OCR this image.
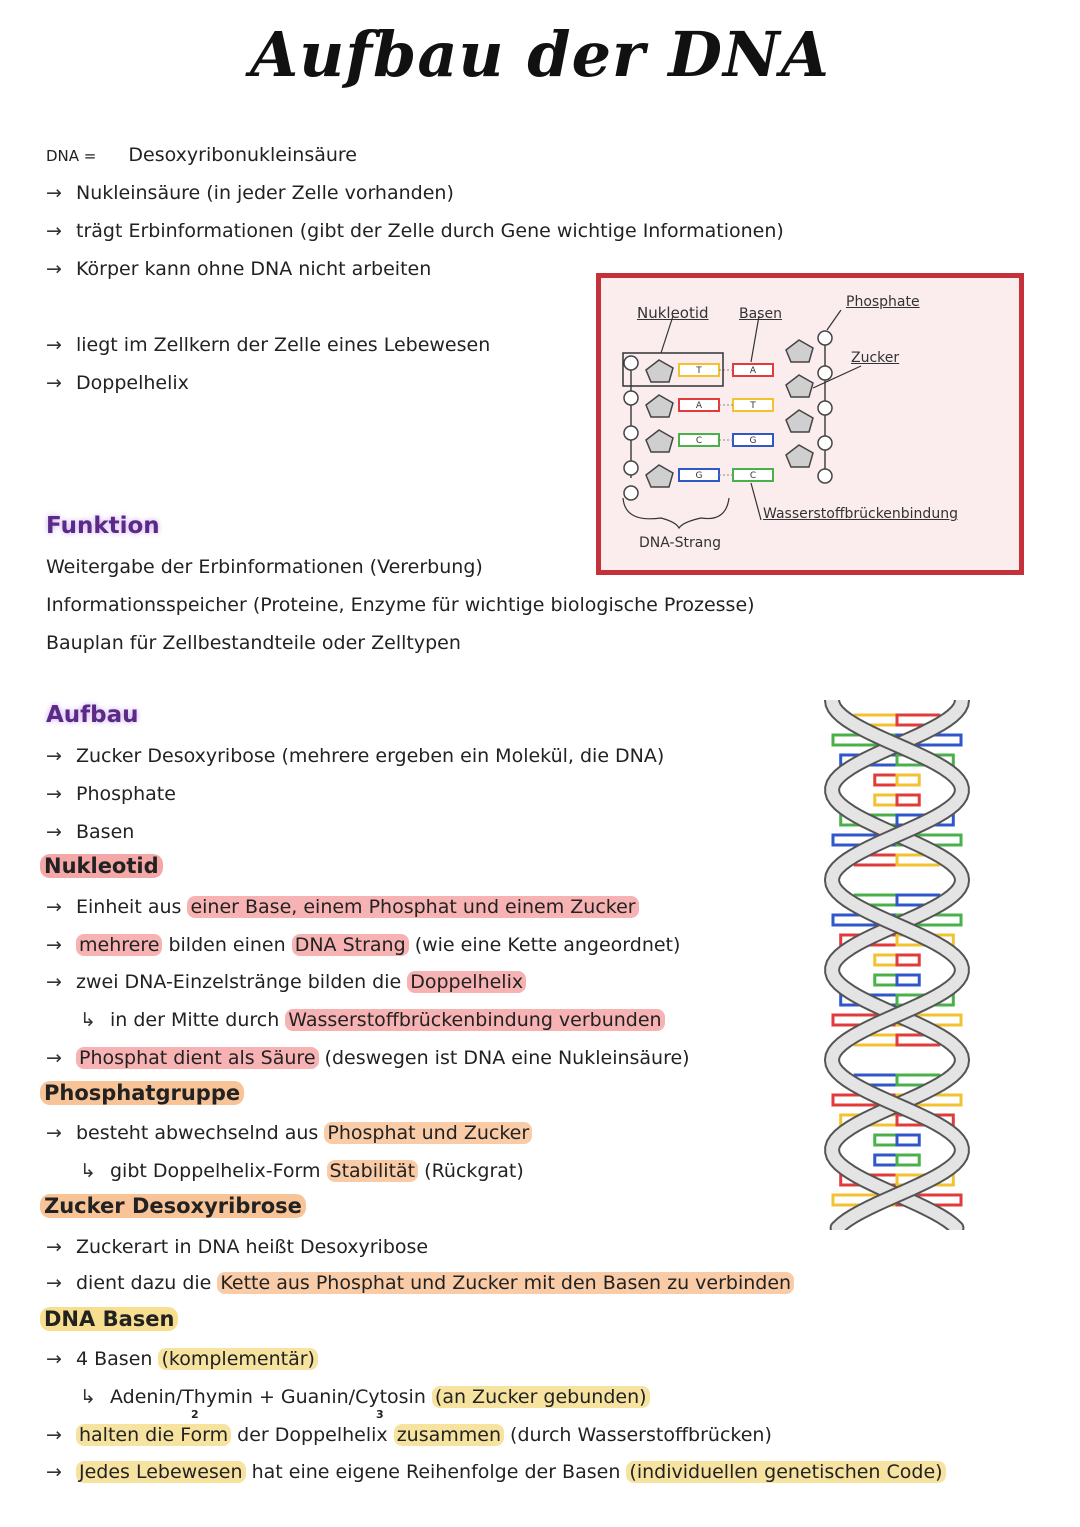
Aufbau der DNA
DNA = Desoxyribonukleinsäure
→ Nukleinsäure (in jeder Zelle vorhanden)
→ trägt Erbinformationen (gibt der Zelle durch Gene wichtige Informationen)
→ Körper kann ohne DNA nicht arbeiten
→ liegt im Zellkern der Zelle eines Lebewesen
→ Doppelhelix
T	A
A	T
C	G
G	C
Nukleotid Basen
Phosphate
Zucker
Wasserstoffbrückenbindung
DNA-Strang
Funktion
Weitergabe der Erbinformationen (Vererbung)
Informationsspeicher (Proteine, Enzyme für wichtige biologische Prozesse)
Bauplan für Zellbestandteile oder Zelltypen
Aufbau
→ Zucker Desoxyribose (mehrere ergeben ein Molekül, die DNA)
→ Phosphate
→ Basen
Nukleotid
→ Einheit aus einer Base, einem Phosphat und einem Zucker
→ mehrere bilden einen DNA Strang (wie eine Kette angeordnet)
→ zwei DNA-Einzelstränge bilden die Doppelhelix
↳ in der Mitte durch Wasserstoffbrückenbindung verbunden
→ Phosphat dient als Säure (deswegen ist DNA eine Nukleinsäure)
Phosphatgruppe
→ besteht abwechselnd aus Phosphat und Zucker
↳ gibt Doppelhelix-Form Stabilität (Rückgrat)
Zucker Desoxyribrose
→ Zuckerart in DNA heißt Desoxyribose
→ dient dazu die Kette aus Phosphat und Zucker mit den Basen zu verbinden
DNA Basen
→ 4 Basen (komplementär)
↳ Adenin/Thymin + Guanin/Cytosin (an Zucker gebunden)
2	3
→ halten die Form der Doppelhelix zusammen (durch Wasserstoffbrücken)
→ Jedes Lebewesen hat eine eigene Reihenfolge der Basen (individuellen genetischen Code)
